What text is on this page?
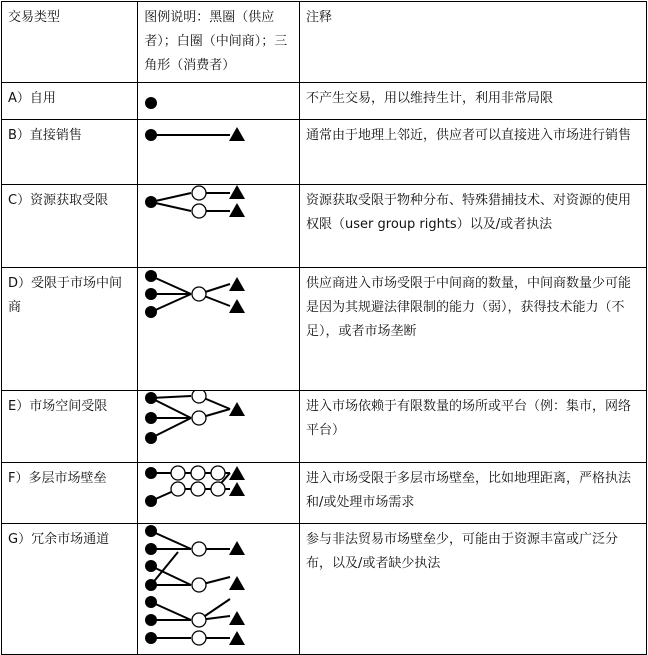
交易类型	图例说明：黑圈（供应者）；白圈（中间商）；三角形（消费者）	注释
A）自用		不产生交易，用以维持生计，利用非常局限
B）直接销售		通常由于地理上邻近，供应者可以直接进入市场进行销售
C）资源获取受限		资源获取受限于物种分布、特殊猎捕技术、对资源的使用权限（user group rights）以及/或者执法
D）受限于市场中间商		供应商进入市场受限于中间商的数量，中间商数量少可能是因为其规避法律限制的能力（弱），获得技术能力（不足），或者市场垄断
E）市场空间受限		进入市场依赖于有限数量的场所或平台（例：集市，网络平台）
F）多层市场壁垒		进入市场受限于多层市场壁垒，比如地理距离，严格执法和/或处理市场需求
G）冗余市场通道		参与非法贸易市场壁垒少，可能由于资源丰富或广泛分布，以及/或者缺少执法
